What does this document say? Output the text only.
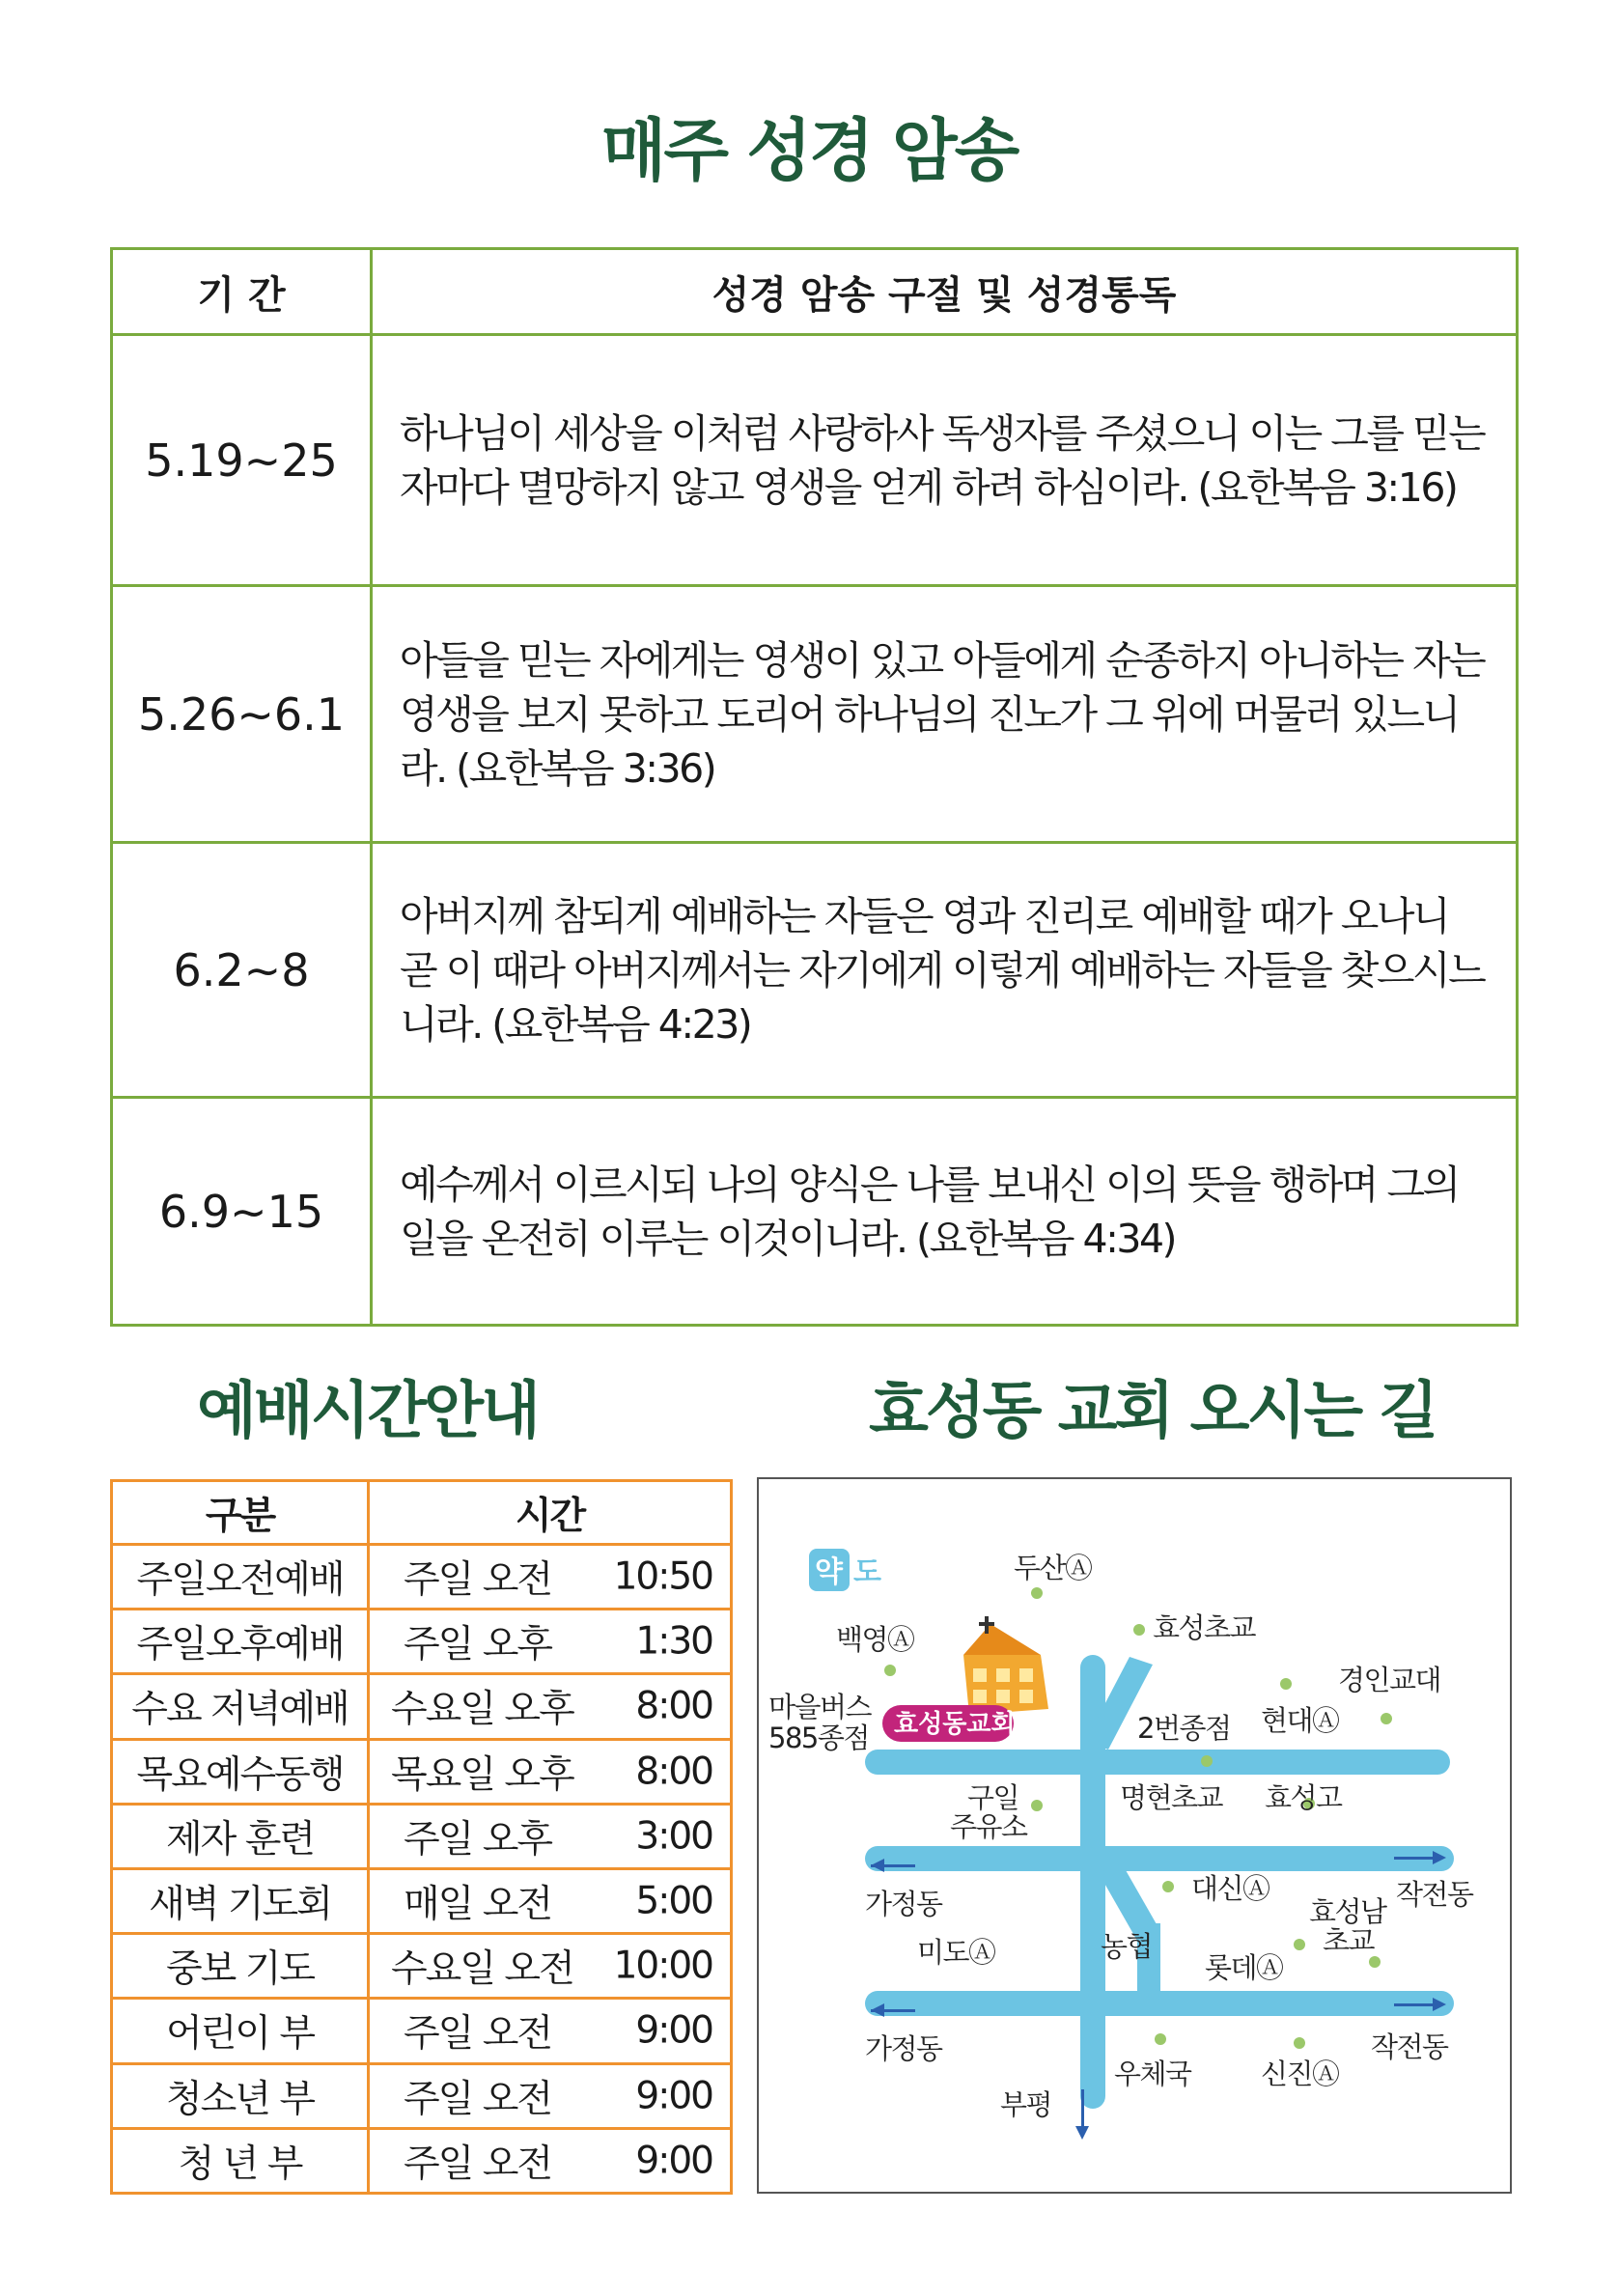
매주 성경 암송
기 간	성경 암송 구절 및 성경통독
5.19~25	하나님이 세상을 이처럼 사랑하사 독생자를 주셨으니 이는 그를 믿는 자마다 멸망하지 않고 영생을 얻게 하려 하심이라. (요한복음 3:16)
5.26~6.1	아들을 믿는 자에게는 영생이 있고 아들에게 순종하지 아니하는 자는 영생을 보지 못하고 도리어 하나님의 진노가 그 위에 머물러 있느니라. (요한복음 3:36)
6.2~8	아버지께 참되게 예배하는 자들은 영과 진리로 예배할 때가 오나니 곧 이 때라 아버지께서는 자기에게 이렇게 예배하는 자들을 찾으시느니라. (요한복음 4:23)
6.9~15	예수께서 이르시되 나의 양식은 나를 보내신 이의 뜻을 행하며 그의 일을 온전히 이루는 이것이니라. (요한복음 4:34)
예배시간안내	효성동 교회 오시는 길
구분	시간
주일오전예배	주일 오전 10:50

주일오후예배	주일 오후 1:30

수요 저녁예배	수요일 오후 8:00

목요예수동행	목요일 오후 8:00

제자 훈련	주일 오후 3:00

새벽 기도회	매일 오전 5:00

중보 기도	수요일 오전 10:00

어린이 부	주일 오전 9:00

청소년 부	주일 오전 9:00

청 년 부	주일 오전 9:00
약 도
효성동교회
두산Ⓐ
효성초교
백영Ⓐ
경인교대
마을버스
585종점	2번종점 현대Ⓐ
구일
주유소
명현초교 효성고
가정동	대신Ⓐ	작전동
효성남
초교
미도Ⓐ	농협
롯데Ⓐ
가정동	작전동
우체국 신진Ⓐ
부평
